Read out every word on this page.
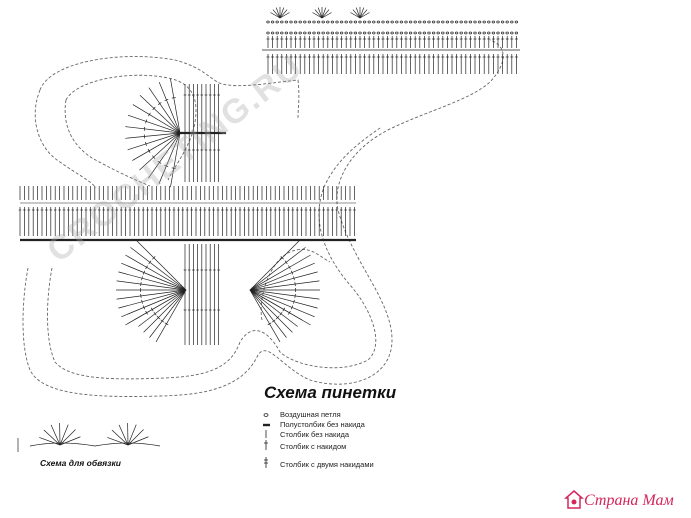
CROCHETING.RU
Схема пинетки
Схема для обвязки
Воздушная петля
Полустолбик без накида
Столбик без накида
Столбик с накидом
Столбик с двумя накидами
Страна Мам
